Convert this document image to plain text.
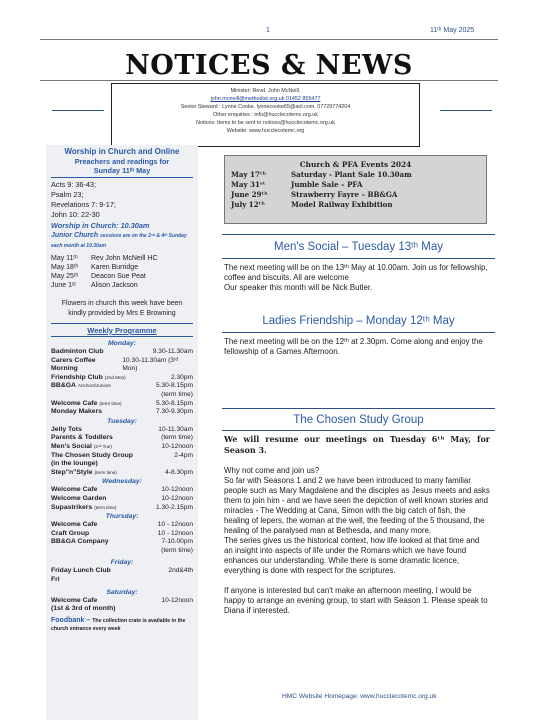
1	11ᵗʰ May 2025
NOTICES & NEWS
Minister: Revd. John McNeill,
john.mcneill@methodist.org.uk 01452 855477
Senior Steward : Lynne Cooke, lynnecooke65@aol.com, 07729774204
Other enquiries : info@hucclecotemc.org.uk
Notices: Items to be sent to notices@hucclecotemc.org.uk
Website: www.hucclecotemc.org
Worship in Church and Online
Preachers and readings for
Sunday 11ᵗʰ May
Acts 9: 36-43;
Psalm 23;
Revelations 7: 9-17;
John 10: 22-30
Worship in Church: 10.30am
Junior Church sessions are on the 2ⁿᵈ & 4ᵗʰ Sunday each month at 10.30am
May 11ᵗʰ Rev John McNeill HC
May 18ᵗʰ Karen Burridge
May 25ᵗʰ Deacon Sue Peat
June 1ˢᵗ Alison Jackson
Flowers in church this week have been kindly provided by Mrs E Browning
Weekly Programme
Monday:
Badminton Club	9.30-11.30am
Carers Coffee Morning
10.30-11.30am (3ʳᵈ Mon)
Friendship Club (2nd Mon)	2.30pm
BB&GA Anchors/Juniors	5.30-8.15pm
(term time)
Welcome Cafe (term time)	5.30-8.15pm
Monday Makers	7.30-9.30pm
Tuesday:
Jelly Tots	10-11.30am
Parents & Toddlers	(term time)
Men's Social (2ⁿᵈ Tue)	10-12noon
The Chosen Study Group	2-4pm
(in the lounge)
Step"n"Style (term time)	4-8.30pm
Wednesday:
Welcome Cafe	10-12noon
Welcome Garden	10-12noon
Supastrikers (term time)	1.30-2.15pm
Thursday:
Welcome Cafe	10 - 12noon
Craft Group	10 - 12noon
BB&GA Company	7-10.00pm
(term time)
Friday:
Friday Lunch Club	2nd&4th
Fri
Saturday:
Welcome Cafe	10-12noon
(1st & 3rd of month)
Foodbank – The collection crate is available in the church entrance every week
Church & PFA Events 2024
May 17ᵗʰ	Saturday - Plant Sale 10.30am
May 31ˢᵗ	Jumble Sale – PFA
June 29ᵗʰ	Strawberry Fayre – BB&GA
July 12ᵗʰ	Model Railway Exhibition
Men's Social – Tuesday 13ᵗʰ May

The next meeting will be on the 13ᵗʰ May at 10.00am. Join us for fellowship, coffee and biscuits. All are welcome

Our speaker this month will be Nick Butler.

Ladies Friendship – Monday 12ᵗʰ May
The next meeting will be on the 12ᵗʰ at 2.30pm. Come along and enjoy the fellowship of a Games Afternoon.
The Chosen Study Group
We will resume our meetings on Tuesday 6ᵗʰ May, for Season 3.

Why not come and join us?

So far with Seasons 1 and 2 we have been introduced to many familiar people such as Mary Magdalene and the disciples as Jesus meets and asks them to join him - and we have seen the depiction of well known stories and miracles - The Wedding at Cana, Simon with the big catch of fish, the healing of lepers, the woman at the well, the feeding of the 5 thousand, the healing of the paralysed man at Bethesda, and many more.

The series gives us the historical context, how life looked at that time and an insight into aspects of life under the Romans which we have found enhances our understanding. While there is some dramatic licence, everything is done with respect for the scriptures.

If anyone is interested but can't make an afternoon meeting, I would be happy to arrange an evening group, to start with Season 1. Please speak to Diana if interested.

HMC Website Homepage: www.hucclecotemc.org.uk
